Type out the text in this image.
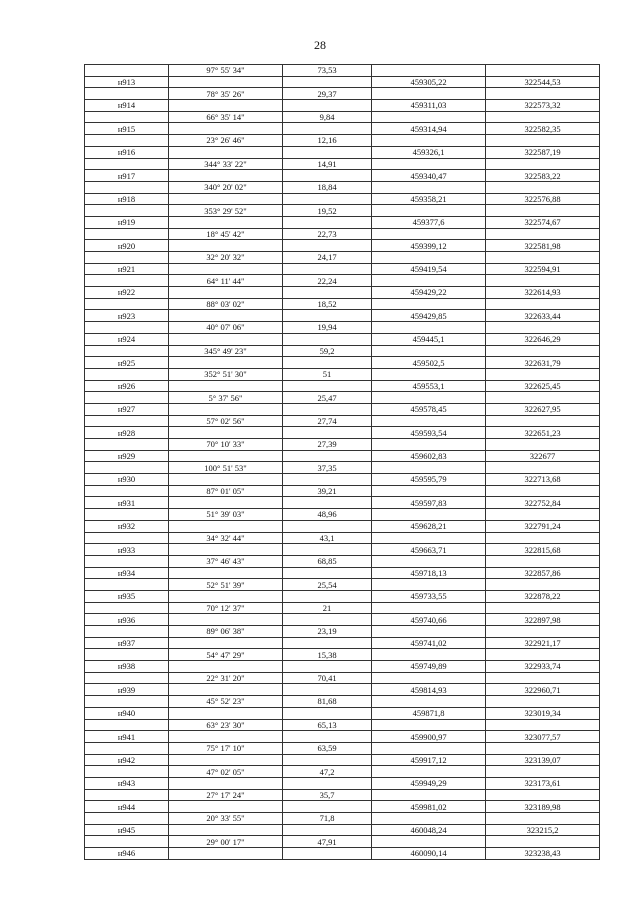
28
	97° 55' 34"	73,53		
н913			459305,22	322544,53
	78° 35' 26"	29,37		
н914			459311,03	322573,32
	66° 35' 14"	9,84		
н915			459314,94	322582,35
	23° 26' 46"	12,16		
н916			459326,1	322587,19
	344° 33' 22"	14,91		
н917			459340,47	322583,22
	340° 20' 02"	18,84		
н918			459358,21	322576,88
	353° 29' 52"	19,52		
н919			459377,6	322574,67
	18° 45' 42"	22,73		
н920			459399,12	322581,98
	32° 20' 32"	24,17		
н921			459419,54	322594,91
	64° 11' 44"	22,24		
н922			459429,22	322614,93
	88° 03' 02"	18,52		
н923			459429,85	322633,44
	40° 07' 06"	19,94		
н924			459445,1	322646,29
	345° 49' 23"	59,2		
н925			459502,5	322631,79
	352° 51' 30"	51		
н926			459553,1	322625,45
	5° 37' 56"	25,47		
н927			459578,45	322627,95
	57° 02' 56"	27,74		
н928			459593,54	322651,23
	70° 10' 33"	27,39		
н929			459602,83	322677
	100° 51' 53"	37,35		
н930			459595,79	322713,68
	87° 01' 05"	39,21		
н931			459597,83	322752,84
	51° 39' 03"	48,96		
н932			459628,21	322791,24
	34° 32' 44"	43,1		
н933			459663,71	322815,68
	37° 46' 43"	68,85		
н934			459718,13	322857,86
	52° 51' 39"	25,54		
н935			459733,55	322878,22
	70° 12' 37"	21		
н936			459740,66	322897,98
	89° 06' 38"	23,19		
н937			459741,02	322921,17
	54° 47' 29"	15,38		
н938			459749,89	322933,74
	22° 31' 20"	70,41		
н939			459814,93	322960,71
	45° 52' 23"	81,68		
н940			459871,8	323019,34
	63° 23' 30"	65,13		
н941			459900,97	323077,57
	75° 17' 10"	63,59		
н942			459917,12	323139,07
	47° 02' 05"	47,2		
н943			459949,29	323173,61
	27° 17' 24"	35,7		
н944			459981,02	323189,98
	20° 33' 55"	71,8		
н945			460048,24	323215,2
	29° 00' 17"	47,91		
н946			460090,14	323238,43
